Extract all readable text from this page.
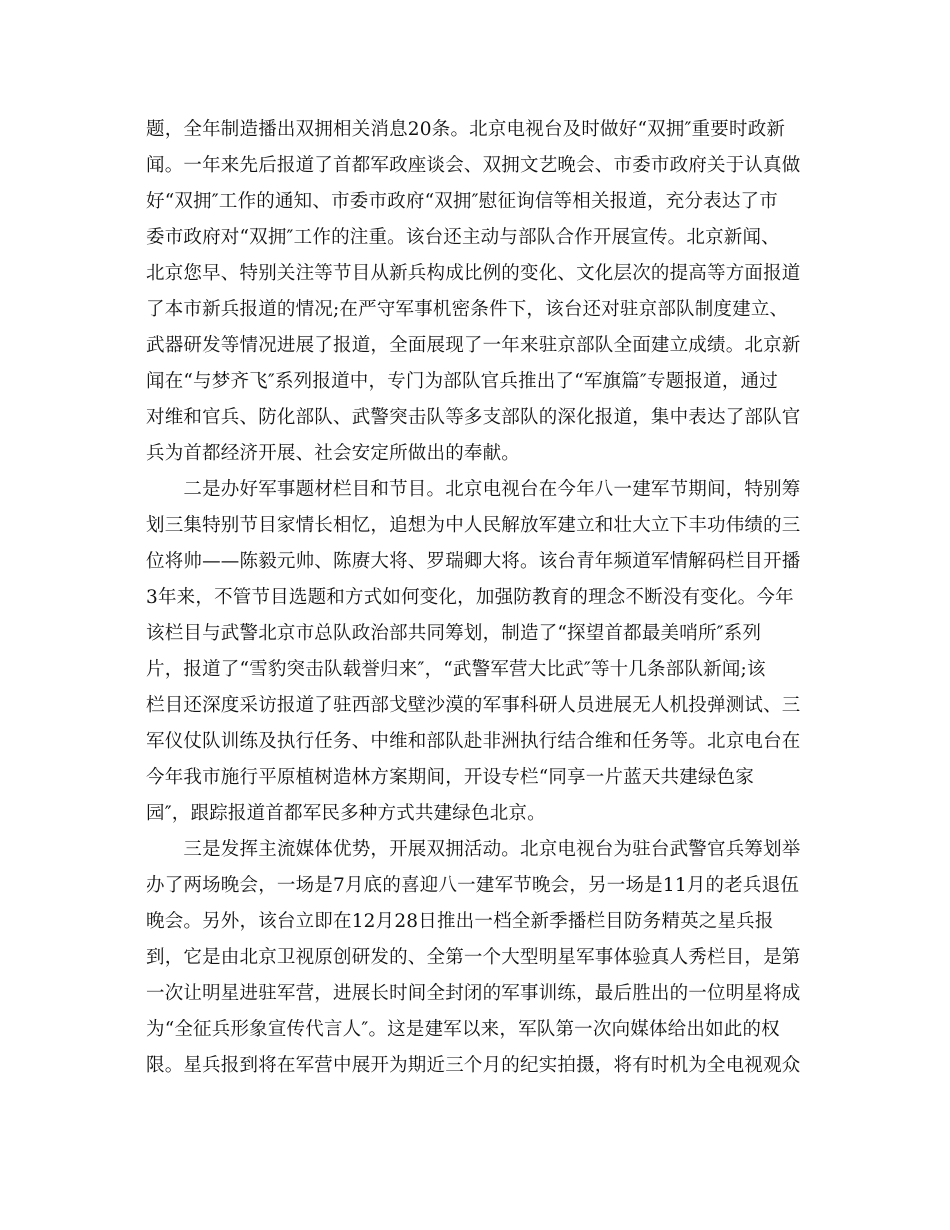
题，全年制造播出双拥相关消息20条。北京电视台及时做好“双拥″重要时政新
闻。一年来先后报道了首都军政座谈会、双拥文艺晚会、市委市政府关于认真做
好“双拥″工作的通知、市委市政府“双拥″慰征询信等相关报道，充分表达了市
委市政府对“双拥″工作的注重。该台还主动与部队合作开展宣传。北京新闻、
北京您早、特别关注等节目从新兵构成比例的变化、文化层次的提高等方面报道
了本市新兵报道的情况;在严守军事机密条件下，该台还对驻京部队制度建立、
武器研发等情况进展了报道，全面展现了一年来驻京部队全面建立成绩。北京新
闻在“与梦齐飞″系列报道中，专门为部队官兵推出了“军旗篇″专题报道，通过
对维和官兵、防化部队、武警突击队等多支部队的深化报道，集中表达了部队官
兵为首都经济开展、社会安定所做出的奉献。
　　二是办好军事题材栏目和节目。北京电视台在今年八一建军节期间，特别筹
划三集特别节目家情长相忆，追想为中人民解放军建立和壮大立下丰功伟绩的三
位将帅——陈毅元帅、陈赓大将、罗瑞卿大将。该台青年频道军情解码栏目开播
3年来，不管节目选题和方式如何变化，加强防教育的理念不断没有变化。今年
该栏目与武警北京市总队政治部共同筹划，制造了“探望首都最美哨所″系列
片，报道了“雪豹突击队载誉归来″，“武警军营大比武″等十几条部队新闻;该
栏目还深度采访报道了驻西部戈壁沙漠的军事科研人员进展无人机投弹测试、三
军仪仗队训练及执行任务、中维和部队赴非洲执行结合维和任务等。北京电台在
今年我市施行平原植树造林方案期间，开设专栏“同享一片蓝天共建绿色家
园″，跟踪报道首都军民多种方式共建绿色北京。
　　三是发挥主流媒体优势，开展双拥活动。北京电视台为驻台武警官兵筹划举
办了两场晚会，一场是7月底的喜迎八一建军节晚会，另一场是11月的老兵退伍
晚会。另外，该台立即在12月28日推出一档全新季播栏目防务精英之星兵报
到，它是由北京卫视原创研发的、全第一个大型明星军事体验真人秀栏目，是第
一次让明星进驻军营，进展长时间全封闭的军事训练，最后胜出的一位明星将成
为“全征兵形象宣传代言人″。这是建军以来，军队第一次向媒体给出如此的权
限。星兵报到将在军营中展开为期近三个月的纪实拍摄，将有时机为全电视观众
